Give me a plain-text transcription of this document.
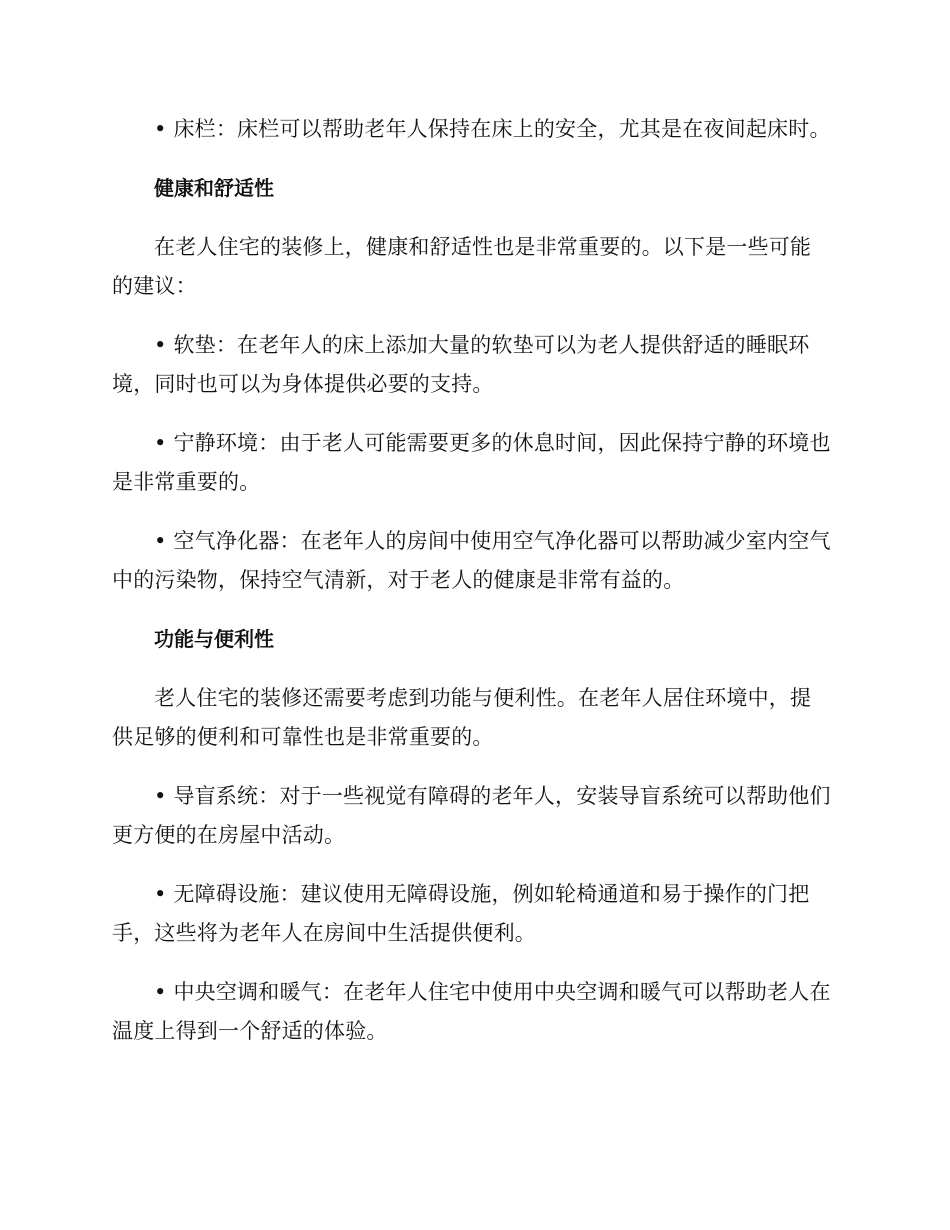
• 床栏：床栏可以帮助老年人保持在床上的安全，尤其是在夜间起床时。

健康和舒适性

在老人住宅的装修上，健康和舒适性也是非常重要的。以下是一些可能的建议：

• 软垫：在老年人的床上添加大量的软垫可以为老人提供舒适的睡眠环境，同时也可以为身体提供必要的支持。

• 宁静环境：由于老人可能需要更多的休息时间，因此保持宁静的环境也是非常重要的。

• 空气净化器：在老年人的房间中使用空气净化器可以帮助减少室内空气中的污染物，保持空气清新，对于老人的健康是非常有益的。

功能与便利性

老人住宅的装修还需要考虑到功能与便利性。在老年人居住环境中，提供足够的便利和可靠性也是非常重要的。

• 导盲系统：对于一些视觉有障碍的老年人，安装导盲系统可以帮助他们更方便的在房屋中活动。

• 无障碍设施：建议使用无障碍设施，例如轮椅通道和易于操作的门把手，这些将为老年人在房间中生活提供便利。

• 中央空调和暖气：在老年人住宅中使用中央空调和暖气可以帮助老人在温度上得到一个舒适的体验。
